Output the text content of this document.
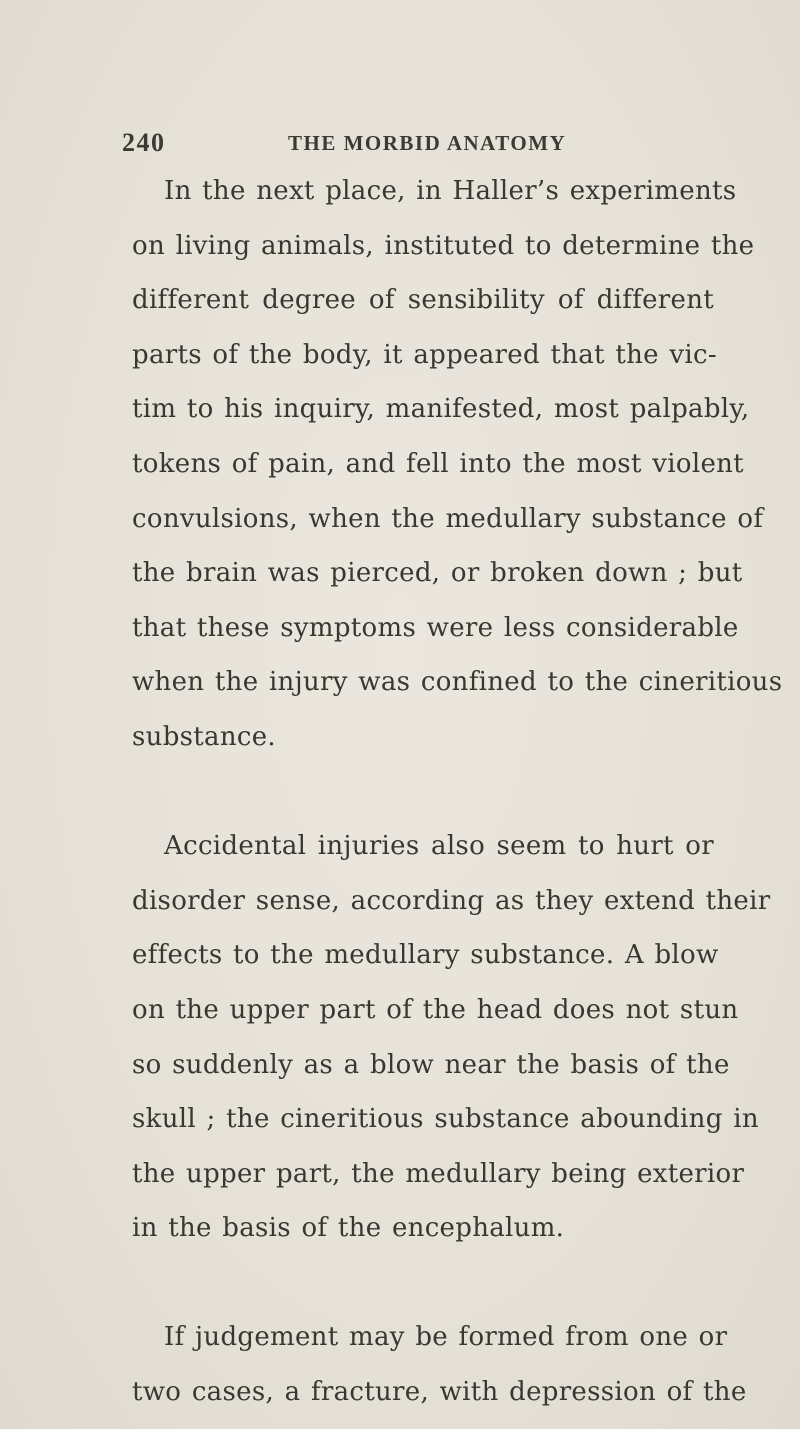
240	THE MORBID ANATOMY
In the next place, in Haller’s experiments
on living animals, instituted to determine the
different degree of sensibility of different
parts of the body, it appeared that the vic-
tim to his inquiry, manifested, most palpably,
tokens of pain, and fell into the most violent
convulsions, when the medullary substance of
the brain was pierced, or broken down ; but
that these symptoms were less considerable
when the injury was confined to the cineritious
substance.
Accidental injuries also seem to hurt or
disorder sense, according as they extend their
effects to the medullary substance. A blow
on the upper part of the head does not stun
so suddenly as a blow near the basis of the
skull ; the cineritious substance abounding in
the upper part, the medullary being exterior
in the basis of the encephalum.
If judgement may be formed from one or
two cases, a fracture, with depression of the
